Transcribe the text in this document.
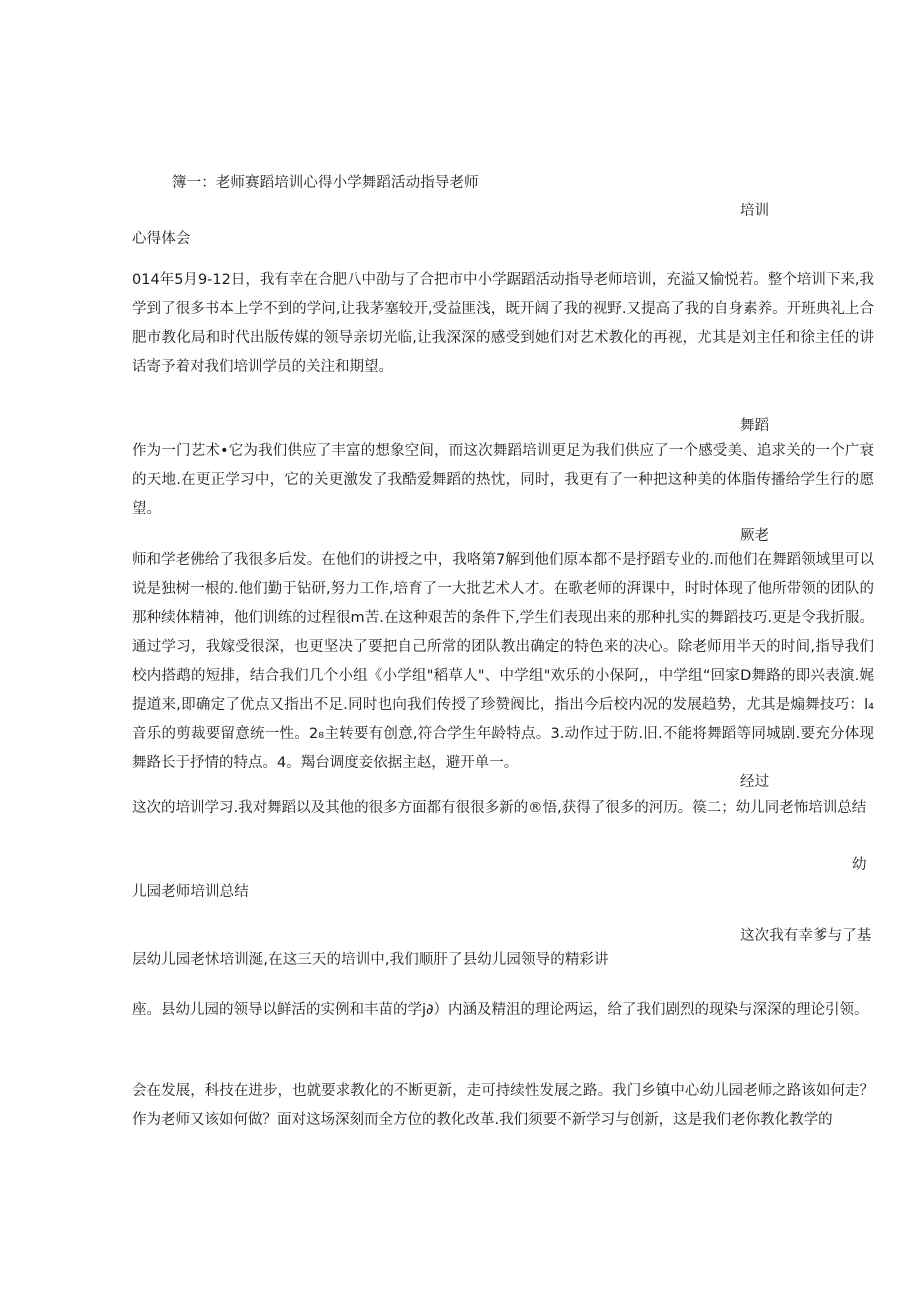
簿一：老师赛蹈培训心得小学舞蹈活动指导老师

培训

心得体会

014年5月9-12日，我有幸在合肥八中劭与了合把市中小学踞蹈活动指导老师培训，充溢又愉悦若。整个培训下来,我学到了很多书本上学不到的学问,让我茅塞较开,受益匪浅，既开阔了我的视野.又提高了我的自身素养。开班典礼上合肥市教化局和时代出版传媒的领导亲切光临,让我深深的感受到她们对艺术教化的再视，尤其是刘主任和徐主任的讲话寄予着对我们培训学员的关注和期望。

舞蹈

作为一门艺术•它为我们供应了丰富的想象空间，而这次舞蹈培训更足为我们供应了一个感受美、追求关的一个广衰的天地.在更正学习中，它的关更激发了我酷爱舞蹈的热忱，同时，我更有了一种把这种美的体脂传播给学生行的愿望。

厥老

师和学老佛给了我很多后发。在他们的讲授之中，我咯第7解到他们原本都不是抒蹈专业的.而他们在舞蹈领域里可以说是独树一根的.他们勤于钻研,努力工作,培育了一大批艺术人才。在歌老师的湃课中，时时体现了他所带领的团队的那种续体精神，他们训练的过程很m苦.在这种艰苦的条件下,学生们表现出来的那种扎实的舞蹈技巧.更是令我折服。通过学习，我嫁受很深，也更坚决了要把自己所常的团队教出确定的特色来的决心。除老师用半天的时间,指导我们校内搭鹉的短排，结合我们几个小组《小学组"稻草人"、中学组"欢乐的小保阿,，中学组“回家D舞路的即兴表演.娓提道来,即确定了优点又指出不足.同时也向我们传授了珍赞阀比，指出今后校内况的发展趋势，尤其是煽舞技巧：l₄音乐的剪裁要留意统一性。2₈主转要有创意,符合学生年龄特点。3.动作过于防.旧.不能将舞蹈等同城剧.要充分体现舞路长于抒情的特点。4。羯台调度妾依据主赵，避开单一。

经过

这次的培训学习.我对舞蹈以及其他的很多方面都有很很多新的®悟,获得了很多的河历。篌二；幼儿同老怖培训总结

幼

儿园老师培训总结

这次我有幸爹与了基

层幼儿园老怵培训涎,在这三天的培训中,我们顺肝了县幼儿园领导的精彩讲

座。县幼儿园的领导以鲜活的实例和丰苗的学j∂）内涵及精沮的理论两运，给了我们剧烈的现染与深深的理论引领。

会在发展，科技在进步，也就要求教化的不断更新，走可持续性发展之路。我门乡镇中心幼儿园老师之路该如何走？作为老师又该如何做？面对这场深刻而全方位的教化改革.我们须要不新学习与创新，这是我们老你教化教学的
